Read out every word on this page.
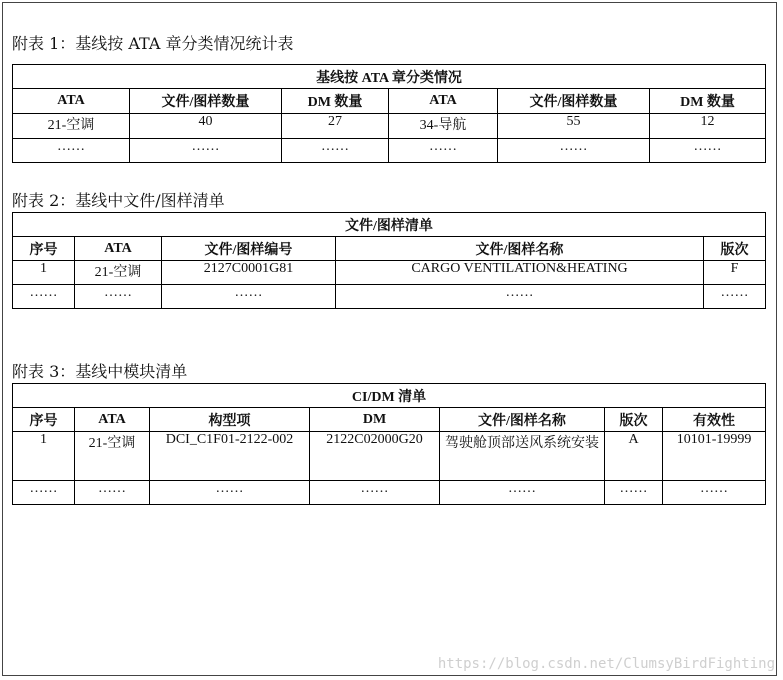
附表 1：基线按 ATA 章分类情况统计表
基线按 ATA 章分类情况					
ATA	文件/图样数量	DM 数量	ATA	文件/图样数量	DM 数量
21-空调	40	27	34-导航	55	12
……	……	……	……	……	……
附表 2：基线中文件/图样清单
文件/图样清单				
序号	ATA	文件/图样编号	文件/图样名称	版次
1	21-空调	2127C0001G81	CARGO VENTILATION&HEATING	F
……	……	……	……	……
附表 3：基线中模块清单
CI/DM 清单						
序号	ATA	构型项	DM	文件/图样名称	版次	有效性
1	21-空调	DCI_C1F01-2122-002	2122C02000G20	驾驶舱顶部送风系统安装	A	10101-19999
……	……	……	……	……	……	……
https://blog.csdn.net/ClumsyBirdFighting
